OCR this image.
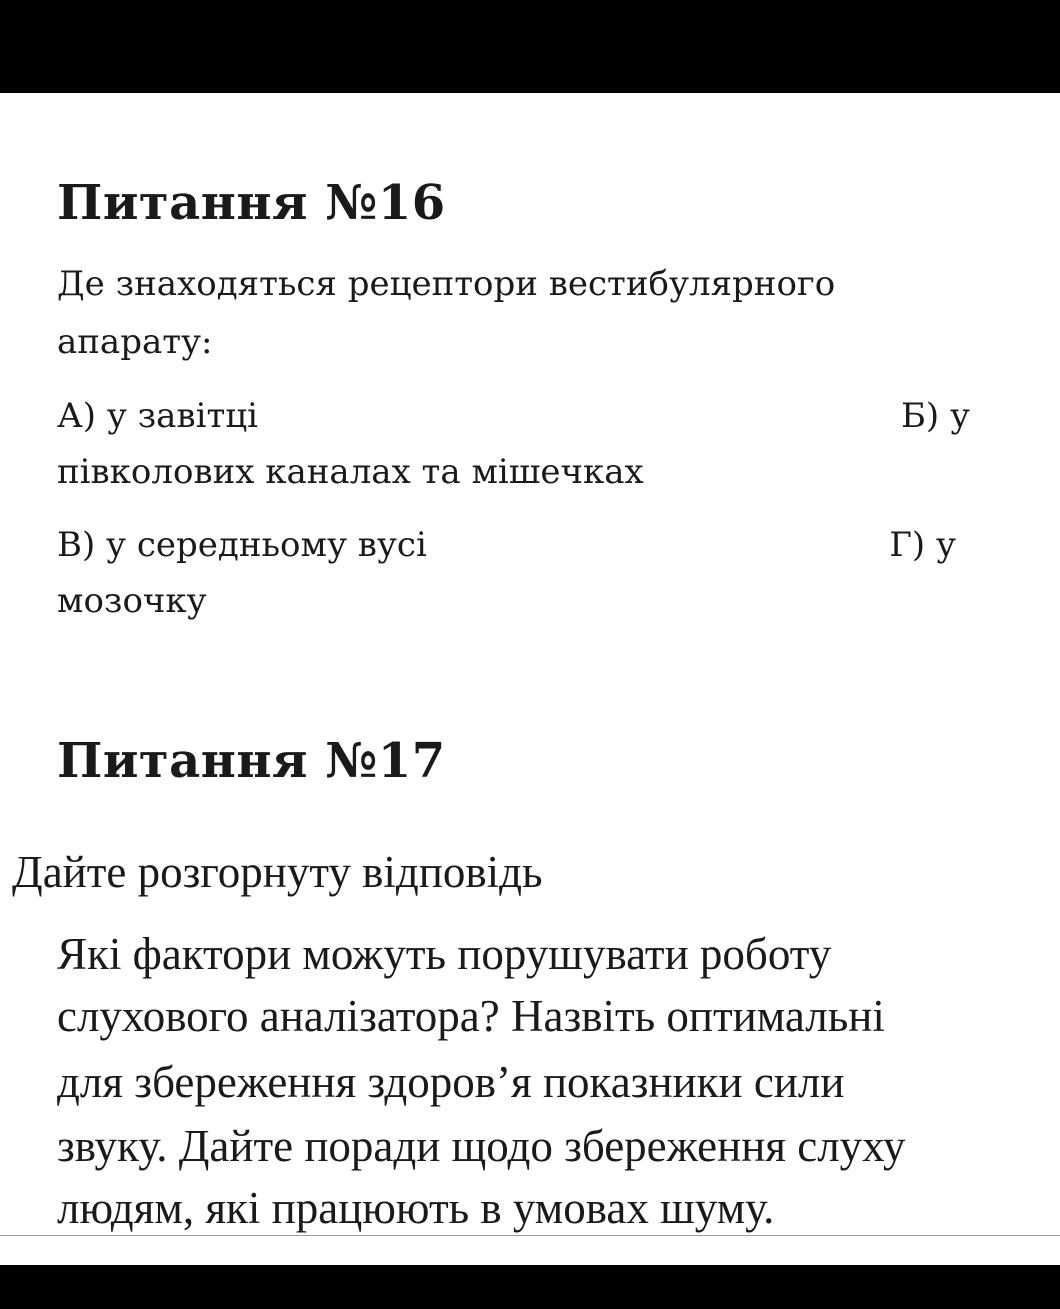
Питання №16

Де знаходяться рецептори вестибулярного

апарату:

А) у завітці	Б) у

півколових каналах та мішечках

В) у середньому вусі	Г) у

мозочку

Питання №17

Дайте розгорнуту відповідь

Які фактори можуть порушувати роботу

слухового аналізатора? Назвіть оптимальні

для збереження здоров’я показники сили

звуку. Дайте поради щодо збереження слуху

людям, які працюють в умовах шуму.
